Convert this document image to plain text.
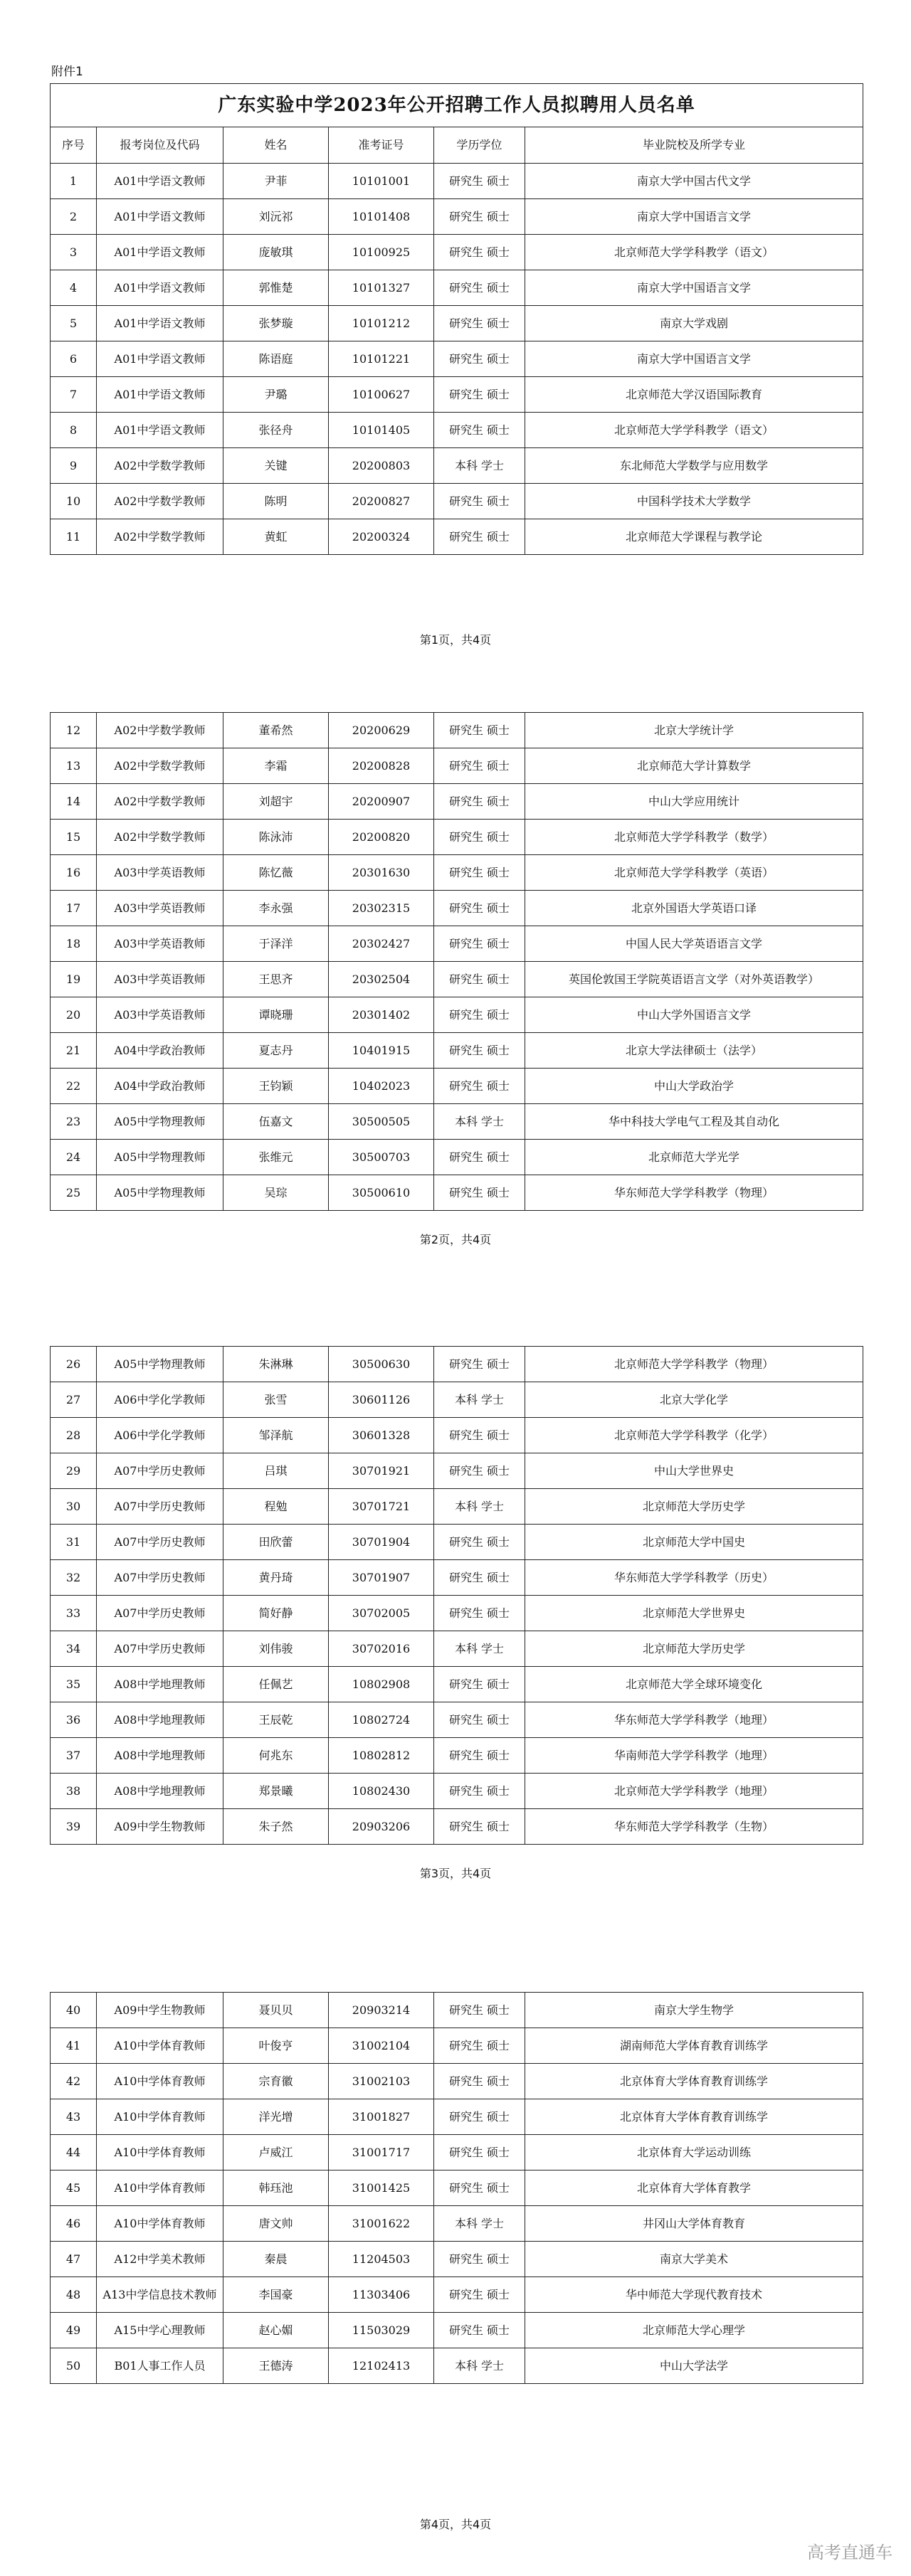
附件1
广东实验中学2023年公开招聘工作人员拟聘用人员名单					
序号	报考岗位及代码	姓名	准考证号	学历学位	毕业院校及所学专业
1	A01中学语文教师	尹菲	10101001	研究生 硕士	南京大学中国古代文学
2	A01中学语文教师	刘沅祁	10101408	研究生 硕士	南京大学中国语言文学
3	A01中学语文教师	庞敏琪	10100925	研究生 硕士	北京师范大学学科教学（语文）
4	A01中学语文教师	郭惟楚	10101327	研究生 硕士	南京大学中国语言文学
5	A01中学语文教师	张梦璇	10101212	研究生 硕士	南京大学戏剧
6	A01中学语文教师	陈语庭	10101221	研究生 硕士	南京大学中国语言文学
7	A01中学语文教师	尹璐	10100627	研究生 硕士	北京师范大学汉语国际教育
8	A01中学语文教师	张径舟	10101405	研究生 硕士	北京师范大学学科教学（语文）
9	A02中学数学教师	关键	20200803	本科 学士	东北师范大学数学与应用数学
10	A02中学数学教师	陈明	20200827	研究生 硕士	中国科学技术大学数学
11	A02中学数学教师	黄虹	20200324	研究生 硕士	北京师范大学课程与教学论
第1页，共4页
12	A02中学数学教师	董希然	20200629	研究生 硕士	北京大学统计学
13	A02中学数学教师	李霜	20200828	研究生 硕士	北京师范大学计算数学
14	A02中学数学教师	刘超宇	20200907	研究生 硕士	中山大学应用统计
15	A02中学数学教师	陈泳沛	20200820	研究生 硕士	北京师范大学学科教学（数学）
16	A03中学英语教师	陈忆薇	20301630	研究生 硕士	北京师范大学学科教学（英语）
17	A03中学英语教师	李永强	20302315	研究生 硕士	北京外国语大学英语口译
18	A03中学英语教师	于泽洋	20302427	研究生 硕士	中国人民大学英语语言文学
19	A03中学英语教师	王思齐	20302504	研究生 硕士	英国伦敦国王学院英语语言文学（对外英语教学）
20	A03中学英语教师	谭晓珊	20301402	研究生 硕士	中山大学外国语言文学
21	A04中学政治教师	夏志丹	10401915	研究生 硕士	北京大学法律硕士（法学）
22	A04中学政治教师	王钧颖	10402023	研究生 硕士	中山大学政治学
23	A05中学物理教师	伍嘉文	30500505	本科 学士	华中科技大学电气工程及其自动化
24	A05中学物理教师	张维元	30500703	研究生 硕士	北京师范大学光学
25	A05中学物理教师	吴琮	30500610	研究生 硕士	华东师范大学学科教学（物理）
第2页，共4页
26	A05中学物理教师	朱淋琳	30500630	研究生 硕士	北京师范大学学科教学（物理）
27	A06中学化学教师	张雪	30601126	本科 学士	北京大学化学
28	A06中学化学教师	邹泽航	30601328	研究生 硕士	北京师范大学学科教学（化学）
29	A07中学历史教师	吕琪	30701921	研究生 硕士	中山大学世界史
30	A07中学历史教师	程勉	30701721	本科 学士	北京师范大学历史学
31	A07中学历史教师	田欣蕾	30701904	研究生 硕士	北京师范大学中国史
32	A07中学历史教师	黄丹琦	30701907	研究生 硕士	华东师范大学学科教学（历史）
33	A07中学历史教师	简好静	30702005	研究生 硕士	北京师范大学世界史
34	A07中学历史教师	刘伟骏	30702016	本科 学士	北京师范大学历史学
35	A08中学地理教师	任佩艺	10802908	研究生 硕士	北京师范大学全球环境变化
36	A08中学地理教师	王辰乾	10802724	研究生 硕士	华东师范大学学科教学（地理）
37	A08中学地理教师	何兆东	10802812	研究生 硕士	华南师范大学学科教学（地理）
38	A08中学地理教师	郑景曦	10802430	研究生 硕士	北京师范大学学科教学（地理）
39	A09中学生物教师	朱子然	20903206	研究生 硕士	华东师范大学学科教学（生物）
第3页，共4页
40	A09中学生物教师	聂贝贝	20903214	研究生 硕士	南京大学生物学
41	A10中学体育教师	叶俊亨	31002104	研究生 硕士	湖南师范大学体育教育训练学
42	A10中学体育教师	宗育徽	31002103	研究生 硕士	北京体育大学体育教育训练学
43	A10中学体育教师	洋光增	31001827	研究生 硕士	北京体育大学体育教育训练学
44	A10中学体育教师	卢威江	31001717	研究生 硕士	北京体育大学运动训练
45	A10中学体育教师	韩珏池	31001425	研究生 硕士	北京体育大学体育教学
46	A10中学体育教师	唐文帅	31001622	本科 学士	井冈山大学体育教育
47	A12中学美术教师	秦晨	11204503	研究生 硕士	南京大学美术
48	A13中学信息技术教师	李国豪	11303406	研究生 硕士	华中师范大学现代教育技术
49	A15中学心理教师	赵心媚	11503029	研究生 硕士	北京师范大学心理学
50	B01人事工作人员	王德涛	12102413	本科 学士	中山大学法学
第4页，共4页
高考直通车
